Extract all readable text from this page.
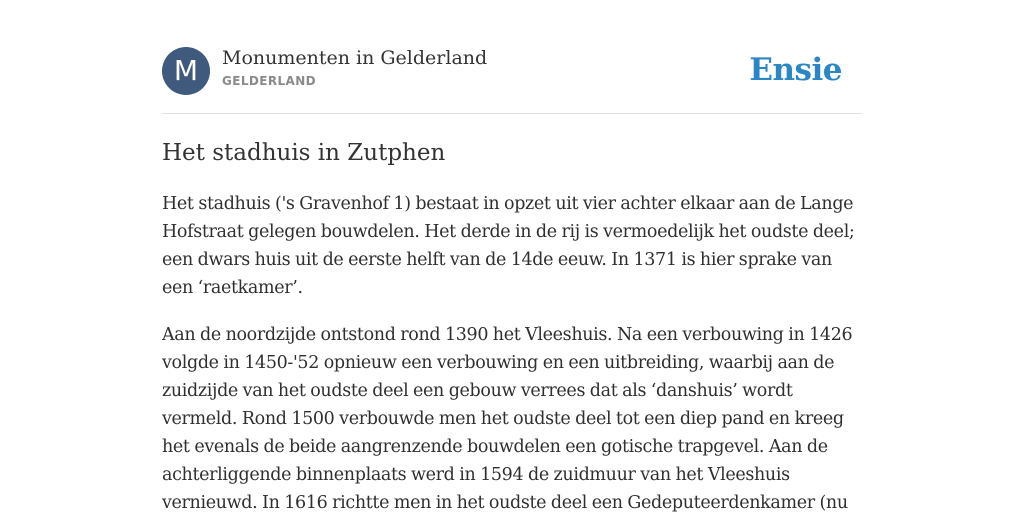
M	Monumenten in Gelderland
GELDERLAND	Ensie
Het stadhuis in Zutphen

Het stadhuis ('s Gravenhof 1) bestaat in opzet uit vier achter elkaar aan de Lange Hofstraat gelegen bouwdelen. Het derde in de rij is vermoedelijk het oudste deel; een dwars huis uit de eerste helft van de 14de eeuw. In 1371 is hier sprake van een ‘raetkamer’.

Aan de noordzijde ontstond rond 1390 het Vleeshuis. Na een verbouwing in 1426 volgde in 1450-'52 opnieuw een verbouwing en een uitbreiding, waarbij aan de zuidzijde van het oudste deel een gebouw verrees dat als ‘danshuis’ wordt vermeld. Rond 1500 verbouwde men het oudste deel tot een diep pand en kreeg het evenals de beide aangrenzende bouwdelen een gotische trapgevel. Aan de achterliggende binnenplaats werd in 1594 de zuidmuur van het Vleeshuis vernieuwd. In 1616 richtte men in het oudste deel een Gedeputeerdenkamer (nu
